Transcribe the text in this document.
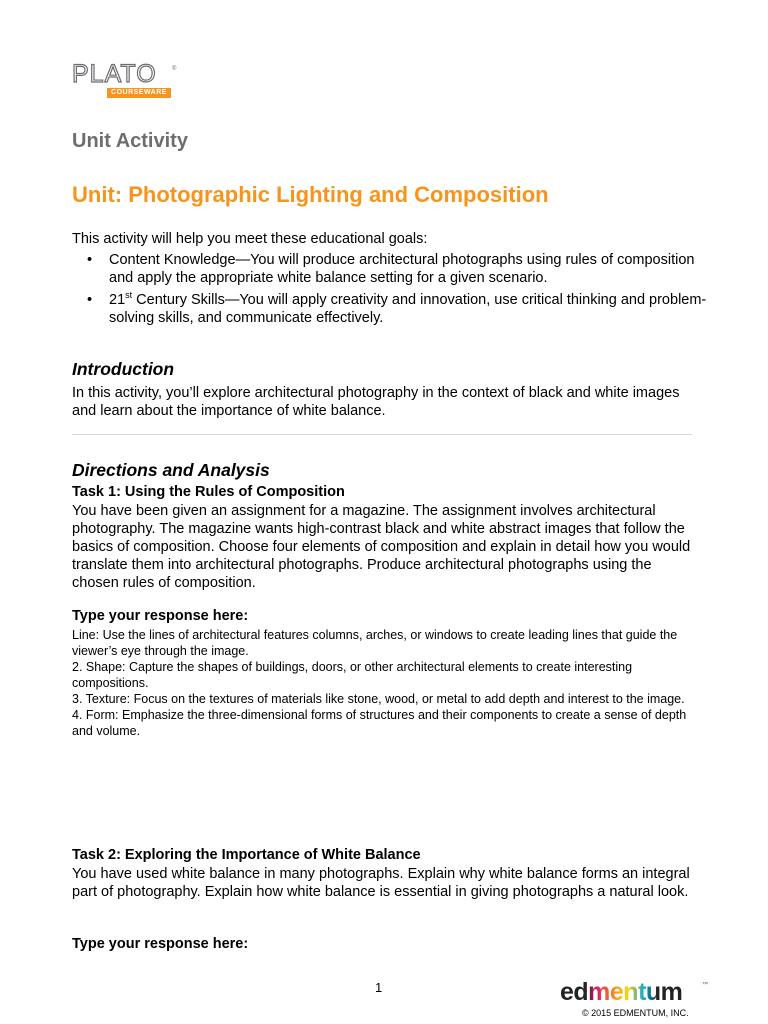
PLATO	®
COURSEWARE
Unit Activity
Unit: Photographic Lighting and Composition
This activity will help you meet these educational goals:
• Content Knowledge—You will produce architectural photographs using rules of composition and apply the appropriate white balance setting for a given scenario.
• 21st Century Skills—You will apply creativity and innovation, use critical thinking and problem-solving skills, and communicate effectively.
Introduction
In this activity, you’ll explore architectural photography in the context of black and white images and learn about the importance of white balance.
Directions and Analysis
Task 1: Using the Rules of Composition
You have been given an assignment for a magazine. The assignment involves architectural photography. The magazine wants high-contrast black and white abstract images that follow the basics of composition. Choose four elements of composition and explain in detail how you would translate them into architectural photographs. Produce architectural photographs using the chosen rules of composition.
Type your response here:

Line: Use the lines of architectural features columns, arches, or windows to create leading lines that guide the viewer’s eye through the image.

2. Shape: Capture the shapes of buildings, doors, or other architectural elements to create interesting compositions.

3. Texture: Focus on the textures of materials like stone, wood, or metal to add depth and interest to the image.

4. Form: Emphasize the three-dimensional forms of structures and their components to create a sense of depth and volume.

Task 2: Exploring the Importance of White Balance
You have used white balance in many photographs. Explain why white balance forms an integral part of photography. Explain how white balance is essential in giving photographs a natural look.
Type your response here:
1	edmentum	™
© 2015 EDMENTUM, INC.
